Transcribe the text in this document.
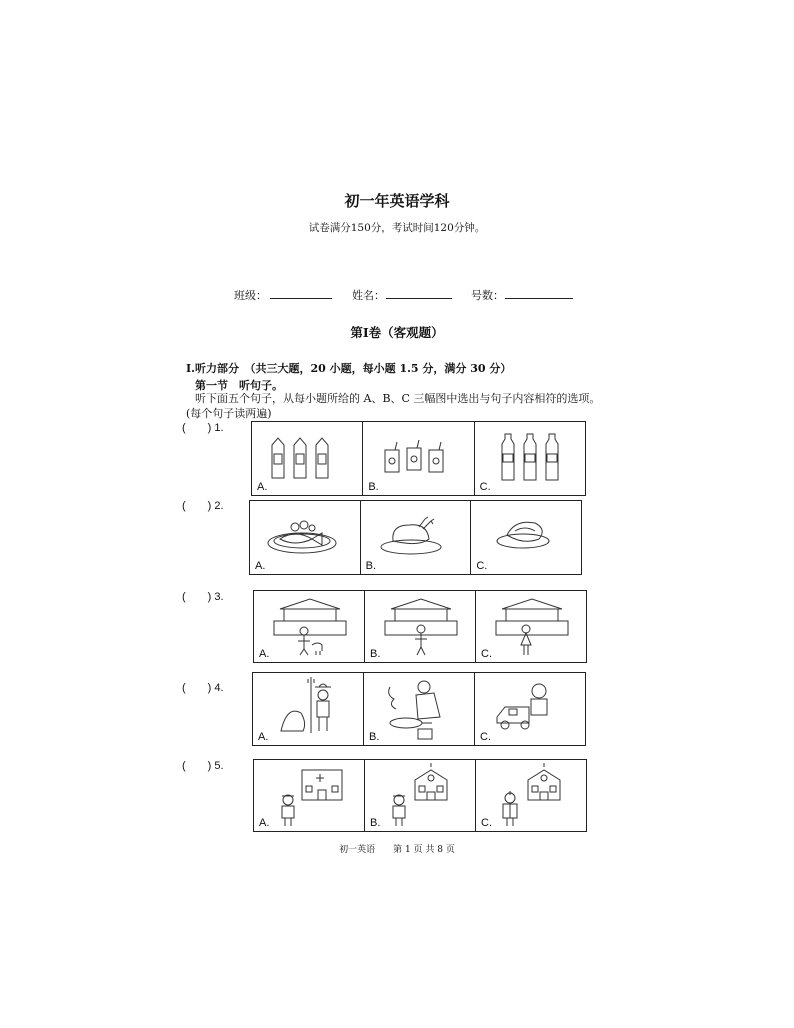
初一年英语学科
试卷满分150分，考试时间120分钟。
班级：	姓名：	号数：
第Ⅰ卷（客观题）
Ⅰ.听力部分　（共三大题，20 小题，每小题 1.5 分，满分 30 分）
第一节　听句子。
听下面五个句子，从每小题所给的 A、B、C 三幅图中选出与句子内容相符的选项。
(每个句子读两遍)
(　　) 1.
A.	B.	C.
(　　) 2.
A.	B.	C.
(　　) 3.
A.	B.	C.
(　　) 4.
A.	B.	C.
(　　) 5.
A.	B.	C.
初一英语　　第 1 页 共 8 页
